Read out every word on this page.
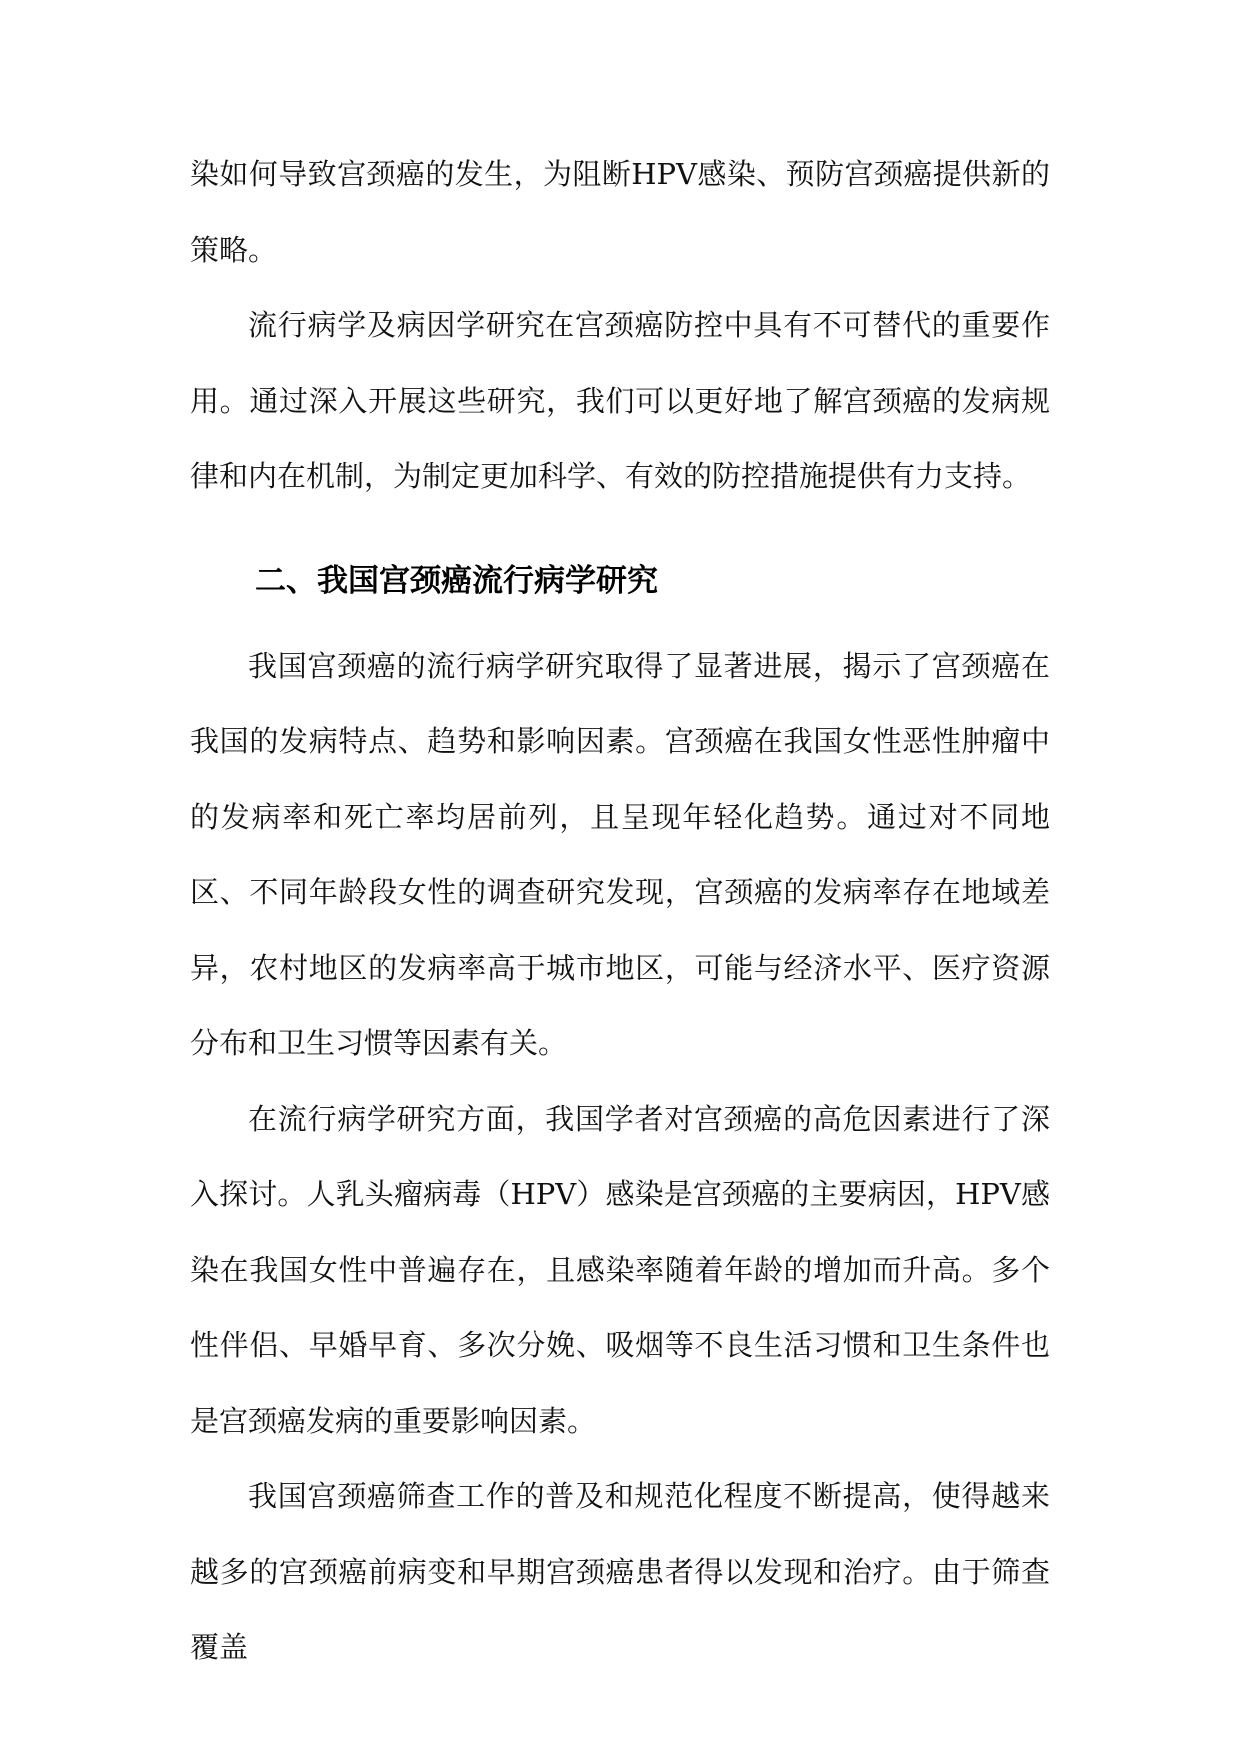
染如何导致宫颈癌的发生，为阻断HPV感染、预防宫颈癌提供新的策略。

流行病学及病因学研究在宫颈癌防控中具有不可替代的重要作用。通过深入开展这些研究，我们可以更好地了解宫颈癌的发病规律和内在机制，为制定更加科学、有效的防控措施提供有力支持。

二、我国宫颈癌流行病学研究

我国宫颈癌的流行病学研究取得了显著进展，揭示了宫颈癌在我国的发病特点、趋势和影响因素。宫颈癌在我国女性恶性肿瘤中的发病率和死亡率均居前列，且呈现年轻化趋势。通过对不同地区、不同年龄段女性的调查研究发现，宫颈癌的发病率存在地域差异，农村地区的发病率高于城市地区，可能与经济水平、医疗资源分布和卫生习惯等因素有关。

在流行病学研究方面，我国学者对宫颈癌的高危因素进行了深入探讨。人乳头瘤病毒（HPV）感染是宫颈癌的主要病因，HPV感染在我国女性中普遍存在，且感染率随着年龄的增加而升高。多个性伴侣、早婚早育、多次分娩、吸烟等不良生活习惯和卫生条件也是宫颈癌发病的重要影响因素。

我国宫颈癌筛查工作的普及和规范化程度不断提高，使得越来越多的宫颈癌前病变和早期宫颈癌患者得以发现和治疗。由于筛查覆盖
